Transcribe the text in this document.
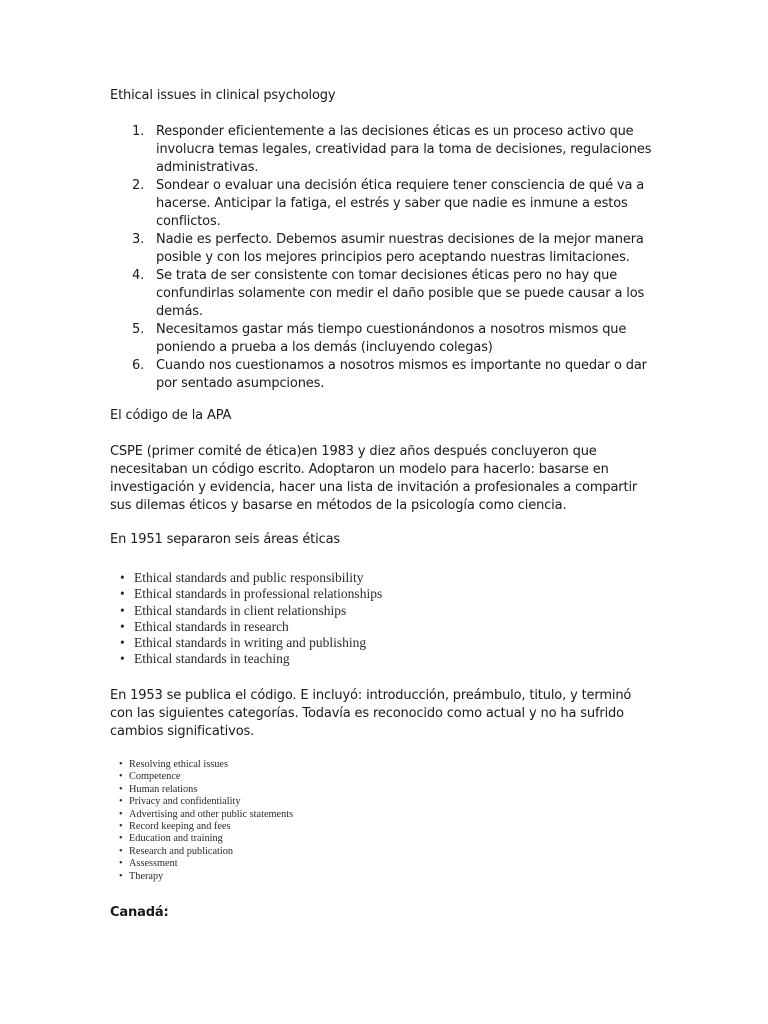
Ethical issues in clinical psychology
1. Responder eficientemente a las decisiones éticas es un proceso activo que involucra temas legales, creatividad para la toma de decisiones, regulaciones administrativas.
2. Sondear o evaluar una decisión ética requiere tener consciencia de qué va a hacerse. Anticipar la fatiga, el estrés y saber que nadie es inmune a estos conflictos.
3. Nadie es perfecto. Debemos asumir nuestras decisiones de la mejor manera posible y con los mejores principios pero aceptando nuestras limitaciones.
4. Se trata de ser consistente con tomar decisiones éticas pero no hay que confundirlas solamente con medir el daño posible que se puede causar a los demás.
5. Necesitamos gastar más tiempo cuestionándonos a nosotros mismos que poniendo a prueba a los demás (incluyendo colegas)
6. Cuando nos cuestionamos a nosotros mismos es importante no quedar o dar por sentado asumpciones.
El código de la APA

CSPE (primer comité de ética)en 1983 y diez años después concluyeron que necesitaban un código escrito. Adoptaron un modelo para hacerlo: basarse en investigación y evidencia, hacer una lista de invitación a profesionales a compartir sus dilemas éticos y basarse en métodos de la psicología como ciencia.

En 1951 separaron seis áreas éticas
• Ethical standards and public responsibility
• Ethical standards in professional relationships
• Ethical standards in client relationships
• Ethical standards in research
• Ethical standards in writing and publishing
• Ethical standards in teaching

En 1953 se publica el código. E incluyó: introducción, preámbulo, titulo, y terminó con las siguientes categorías. Todavía es reconocido como actual y no ha sufrido cambios significativos.

• Resolving ethical issues
• Competence
• Human relations
• Privacy and confidentiality
• Advertising and other public statements
• Record keeping and fees
• Education and training
• Research and publication
• Assessment
• Therapy
Canadá:
